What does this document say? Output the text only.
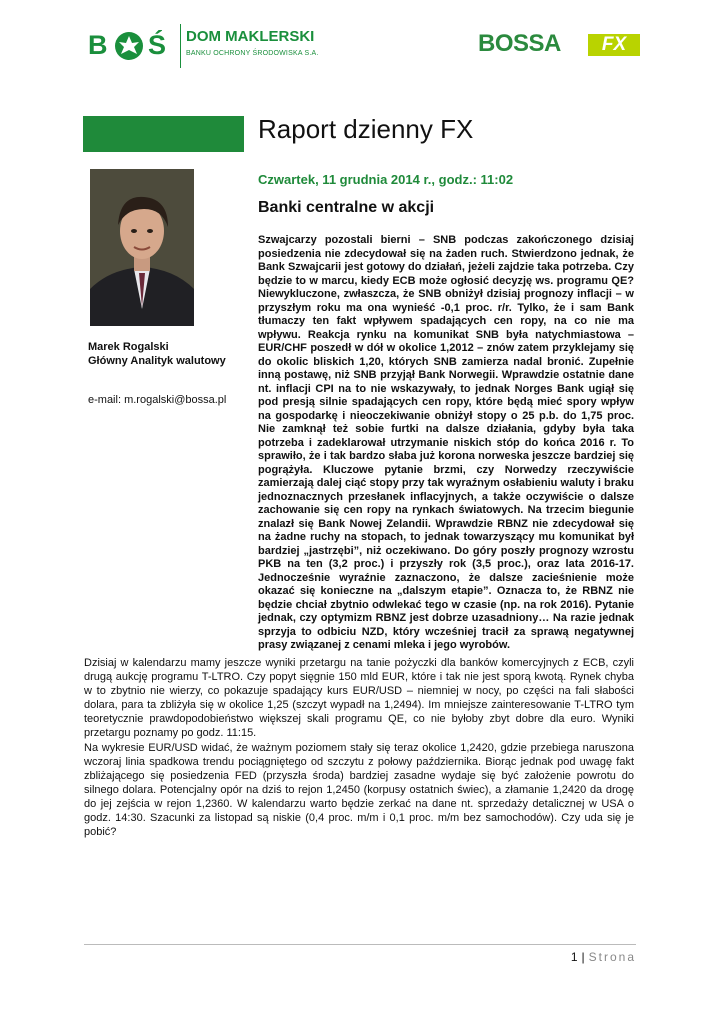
B Ś DOM MAKLERSKI
BANKU OCHRONY ŚRODOWISKA S.A.	BOSSA	FX
Raport dzienny FX
Marek Rogalski
Główny Analityk walutowy
e-mail: m.rogalski@bossa.pl
Czwartek, 11 grudnia 2014 r., godz.: 11:02
Banki centralne w akcji
Szwajcarzy pozostali bierni – SNB podczas zakończonego dzisiaj posiedzenia nie zdecydował się na żaden ruch. Stwierdzono jednak, że Bank Szwajcarii jest gotowy do działań, jeżeli zajdzie taka potrzeba. Czy będzie to w marcu, kiedy ECB może ogłosić decyzję ws. programu QE? Niewykluczone, zwłaszcza, że SNB obniżył dzisiaj prognozy inflacji – w przyszłym roku ma ona wynieść -0,1 proc. r/r. Tylko, że i sam Bank tłumaczy ten fakt wpływem spadających cen ropy, na co nie ma wpływu. Reakcja rynku na komunikat SNB była natychmiastowa – EUR/CHF poszedł w dół w okolice 1,2012 – znów zatem przyklejamy się do okolic bliskich 1,20, których SNB zamierza nadal bronić. Zupełnie inną postawę, niż SNB przyjął Bank Norwegii. Wprawdzie ostatnie dane nt. inflacji CPI na to nie wskazywały, to jednak Norges Bank ugiął się pod presją silnie spadających cen ropy, które będą mieć spory wpływ na gospodarkę i nieoczekiwanie obniżył stopy o 25 p.b. do 1,75 proc. Nie zamknął też sobie furtki na dalsze działania, gdyby była taka potrzeba i zadeklarował utrzymanie niskich stóp do końca 2016 r. To sprawiło, że i tak bardzo słaba już korona norweska jeszcze bardziej się pogrążyła. Kluczowe pytanie brzmi, czy Norwedzy rzeczywiście zamierzają dalej ciąć stopy przy tak wyraźnym osłabieniu waluty i braku jednoznacznych przesłanek inflacyjnych, a także oczywiście o dalsze zachowanie się cen ropy na rynkach światowych. Na trzecim biegunie znalazł się Bank Nowej Zelandii. Wprawdzie RBNZ nie zdecydował się na żadne ruchy na stopach, to jednak towarzyszący mu komunikat był bardziej „jastrzębi”, niż oczekiwano. Do góry poszły prognozy wzrostu PKB na ten (3,2 proc.) i przyszły rok (3,5 proc.), oraz lata 2016-17. Jednocześnie wyraźnie zaznaczono, że dalsze zacieśnienie może okazać się konieczne na „dalszym etapie”. Oznacza to, że RBNZ nie będzie chciał zbytnio odwlekać tego w czasie (np. na rok 2016). Pytanie jednak, czy optymizm RBNZ jest dobrze uzasadniony… Na razie jednak sprzyja to odbiciu NZD, który wcześniej tracił za sprawą negatywnej prasy związanej z cenami mleka i jego wyrobów.
Dzisiaj w kalendarzu mamy jeszcze wyniki przetargu na tanie pożyczki dla banków komercyjnych z ECB, czyli drugą aukcję programu T-LTRO. Czy popyt sięgnie 150 mld EUR, które i tak nie jest sporą kwotą. Rynek chyba w to zbytnio nie wierzy, co pokazuje spadający kurs EUR/USD – niemniej w nocy, po części na fali słabości dolara, para ta zbliżyła się w okolice 1,25 (szczyt wypadł na 1,2494). Im mniejsze zainteresowanie T-LTRO tym teoretycznie prawdopodobieństwo większej skali programu QE, co nie byłoby zbyt dobre dla euro. Wyniki przetargu poznamy po godz. 11:15.
Na wykresie EUR/USD widać, że ważnym poziomem stały się teraz okolice 1,2420, gdzie przebiega naruszona wczoraj linia spadkowa trendu pociągniętego od szczytu z połowy października. Biorąc jednak pod uwagę fakt zbliżającego się posiedzenia FED (przyszła środa) bardziej zasadne wydaje się być założenie powrotu do silnego dolara. Potencjalny opór na dziś to rejon 1,2450 (korpusy ostatnich świec), a złamanie 1,2420 da drogę do jej zejścia w rejon 1,2360. W kalendarzu warto będzie zerkać na dane nt. sprzedaży detalicznej w USA o godz. 14:30. Szacunki za listopad są niskie (0,4 proc. m/m i 0,1 proc. m/m bez samochodów). Czy uda się je pobić?
1 | Strona
